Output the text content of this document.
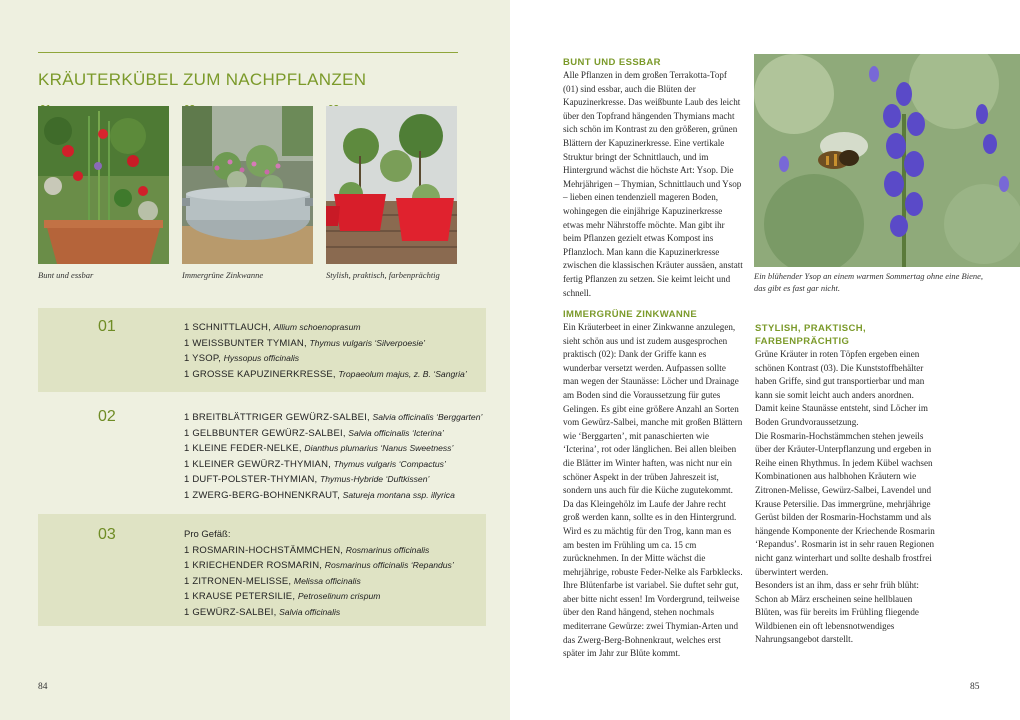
KRÄUTERKÜBEL ZUM NACHPFLANZEN
Bunt und essbar	Immergrüne Zinkwanne	Stylish, praktisch, farbenprächtig
01	1 SCHNITTLAUCH, Allium schoenoprasum
1 WEISSBUNTER TYMIAN, Thymus vulgaris ‘Silverpoesie’
1 YSOP, Hyssopus officinalis
1 GROSSE KAPUZINERKRESSE, Tropaeolum majus, z. B. ‘Sangria’
02	1 BREITBLÄTTRIGER GEWÜRZ-SALBEI, Salvia officinalis ‘Berggarten’
1 GELBBUNTER GEWÜRZ-SALBEI, Salvia officinalis ‘Icterina’
1 KLEINE FEDER-NELKE, Dianthus plumarius ‘Nanus Sweetness’
1 KLEINER GEWÜRZ-THYMIAN, Thymus vulgaris ‘Compactus’
1 DUFT-POLSTER-THYMIAN, Thymus-Hybride ‘Duftkissen’
1 ZWERG-BERG-BOHNENKRAUT, Satureja montana ssp. illyrica
03	Pro Gefäß:
1 ROSMARIN-HOCHSTÄMMCHEN, Rosmarinus officinalis
1 KRIECHENDER ROSMARIN, Rosmarinus officinalis ‘Repandus’
1 ZITRONEN-MELISSE, Melissa officinalis
1 KRAUSE PETERSILIE, Petroselinum crispum
1 GEWÜRZ-SALBEI, Salvia officinalis
84
BUNT UND ESSBAR

Alle Pflanzen in dem großen Terrakotta-Topf (01) sind essbar, auch die Blüten der Kapuzinerkresse. Das weißbunte Laub des leicht über den Topfrand hängenden Thymians macht sich schön im Kontrast zu den größeren, grünen Blättern der Kapuzinerkresse. Eine vertikale Struktur bringt der Schnittlauch, und im Hintergrund wächst die höchste Art: Ysop. Die Mehrjährigen – Thymian, Schnittlauch und Ysop – lieben einen tendenziell mageren Boden, wohingegen die einjährige Kapuzinerkresse etwas mehr Nährstoffe möchte. Man gibt ihr beim Pflanzen gezielt etwas Kompost ins Pflanzloch. Man kann die Kapuzinerkresse zwischen die klassischen Kräuter aussäen, anstatt fertig Pflanzen zu setzen. Sie keimt leicht und schnell.

IMMERGRÜNE ZINKWANNE

Ein Kräuterbeet in einer Zinkwanne anzulegen, sieht schön aus und ist zudem ausgesprochen praktisch (02): Dank der Griffe kann es wunderbar versetzt werden. Aufpassen sollte man wegen der Staunässe: Löcher und Drainage am Boden sind die Voraussetzung für gutes Gelingen. Es gibt eine größere Anzahl an Sorten vom Gewürz-Salbei, manche mit großen Blättern wie ‘Berggarten’, mit panaschierten wie ‘Icterina’, rot oder länglichen. Bei allen bleiben die Blätter im Winter haften, was nicht nur ein schöner Aspekt in der trüben Jahreszeit ist, sondern uns auch für die Küche zugutekommt. Da das Kleingehölz im Laufe der Jahre recht groß werden kann, sollte es in den Hintergrund. Wird es zu mächtig für den Trog, kann man es am besten im Frühling um ca. 15 cm zurücknehmen. In der Mitte wächst die mehrjährige, robuste Feder-Nelke als Farbklecks. Ihre Blütenfarbe ist variabel. Sie duftet sehr gut, aber bitte nicht essen! Im Vordergrund, teilweise über den Rand hängend, stehen nochmals mediterrane Gewürze: zwei Thymian-Arten und das Zwerg-Berg-Bohnenkraut, welches erst später im Jahr zur Blüte kommt.

Ein blühender Ysop an einem warmen Sommertag ohne eine Biene, das gibt es fast gar nicht.
STYLISH, PRAKTISCH, FARBENPRÄCHTIG

Grüne Kräuter in roten Töpfen ergeben einen schönen Kontrast (03). Die Kunststoffbehälter haben Griffe, sind gut transportierbar und man kann sie somit leicht auch anders anordnen. Damit keine Staunässe entsteht, sind Löcher im Boden Grundvoraussetzung.

Die Rosmarin-Hochstämmchen stehen jeweils über der Kräuter-Unterpflanzung und ergeben in Reihe einen Rhythmus. In jedem Kübel wachsen Kombinationen aus halbhohen Kräutern wie Zitronen-Melisse, Gewürz-Salbei, Lavendel und Krause Petersilie. Das immergrüne, mehrjährige Gerüst bilden der Rosmarin-Hochstamm und als hängende Komponente der Kriechende Rosmarin ‘Repandus’. Rosmarin ist in sehr rauen Regionen nicht ganz winterhart und sollte deshalb frostfrei überwintert werden.

Besonders ist an ihm, dass er sehr früh blüht: Schon ab März erscheinen seine hellblauen Blüten, was für bereits im Frühling fliegende Wildbienen ein oft lebensnotwendiges Nahrungsangebot darstellt.

85
